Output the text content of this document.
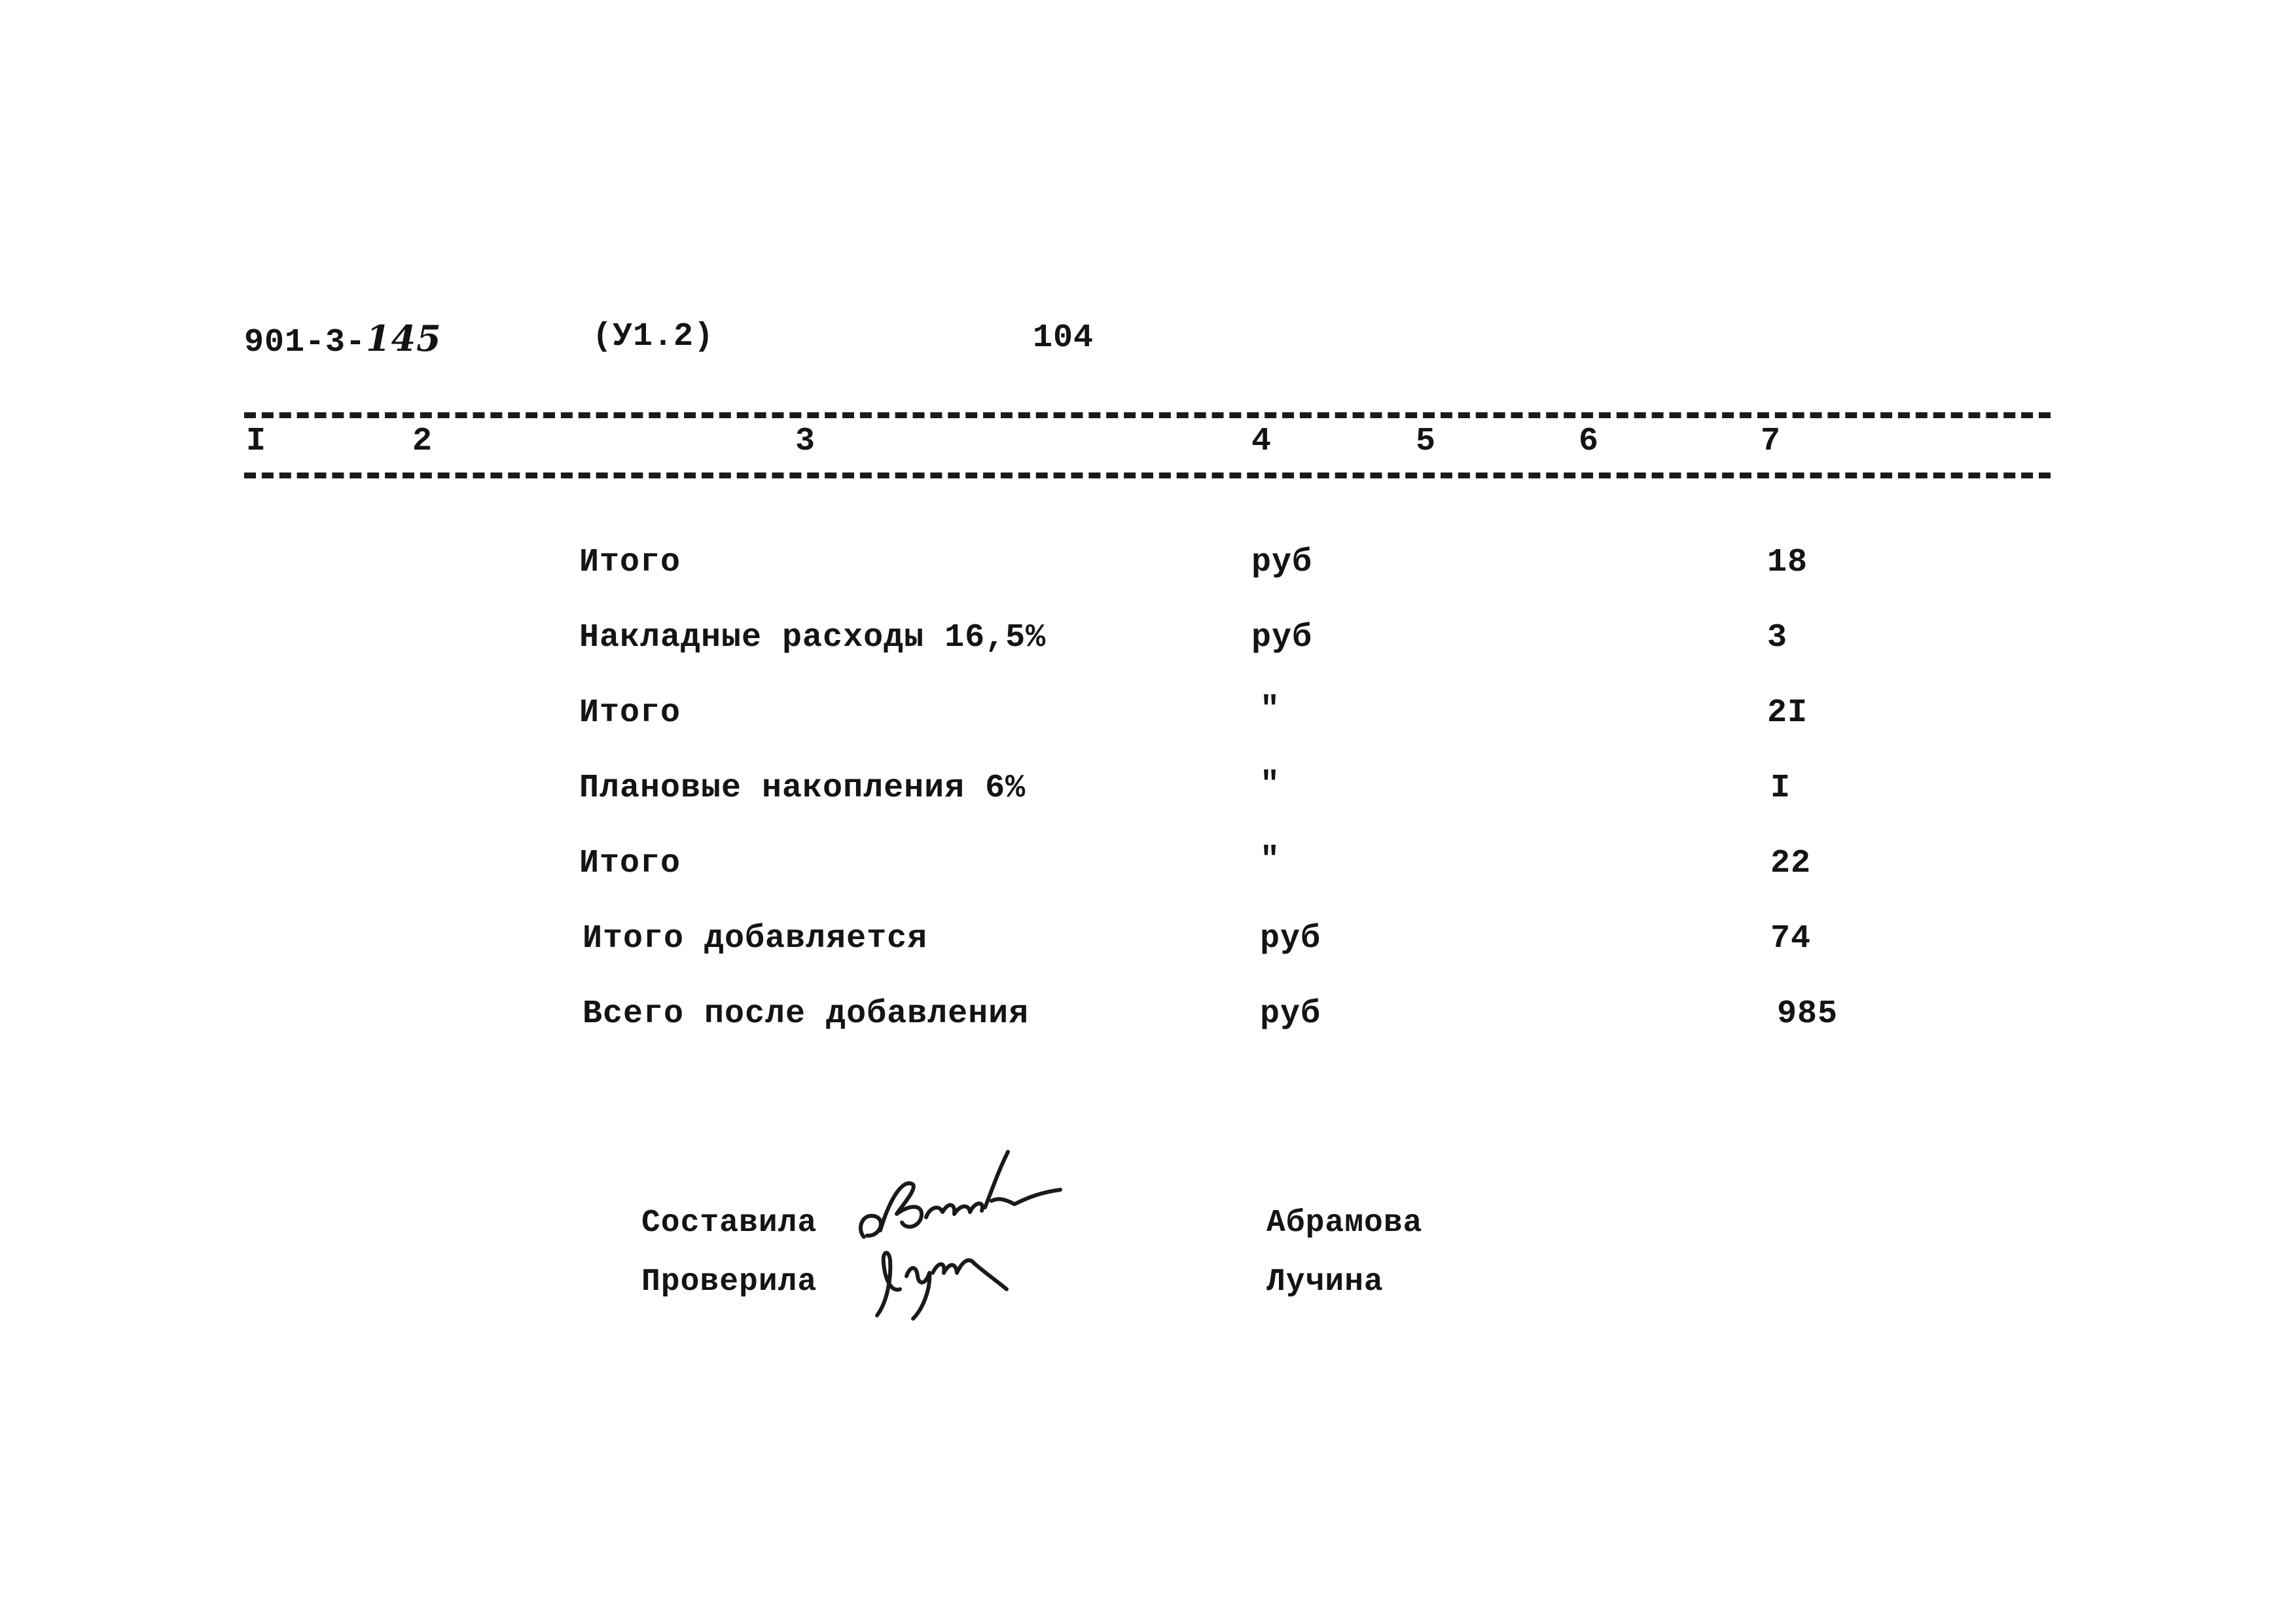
901-3-145	(У1.2)	104
I	2	3	4	5	6	7
Итого	руб	18
Накладные расходы 16,5%	руб	3
Итого	"	2I
Плановые накопления 6%	"	I
Итого	"	22
Итого добавляется	руб	74
Всего после добавления	руб	985
Составила	Абрамова
Проверила	Лучина
